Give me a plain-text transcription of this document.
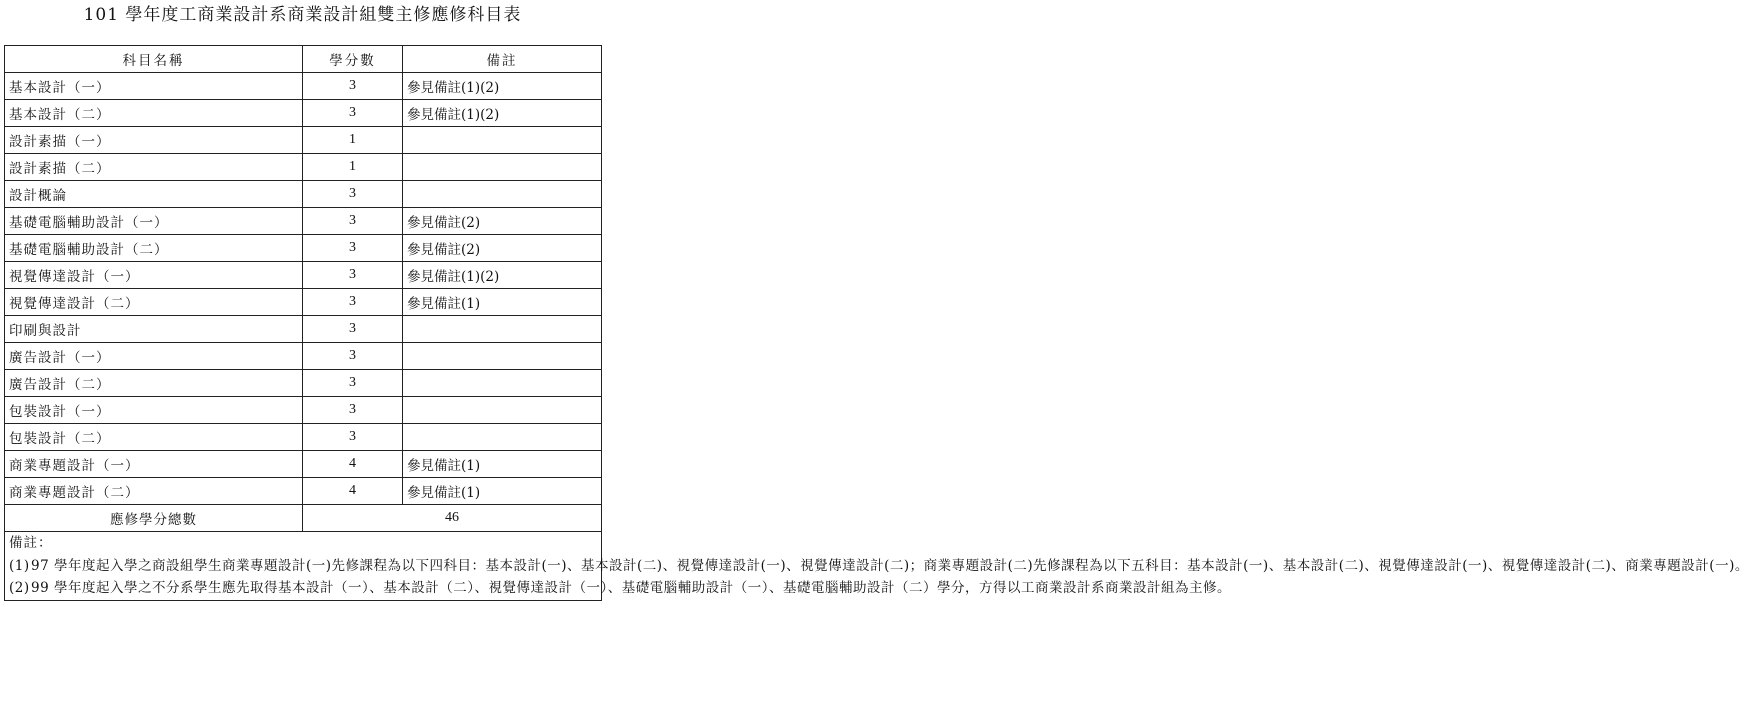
101 學年度工商業設計系商業設計組雙主修應修科目表
科目名稱	學分數	備註
基本設計（一）	3	參見備註(1)(2)
基本設計（二）	3	參見備註(1)(2)
設計素描（一）	1	
設計素描（二）	1	
設計概論	3	
基礎電腦輔助設計（一）	3	參見備註(2)
基礎電腦輔助設計（二）	3	參見備註(2)
視覺傳達設計（一）	3	參見備註(1)(2)
視覺傳達設計（二）	3	參見備註(1)
印刷與設計	3	
廣告設計（一）	3	
廣告設計（二）	3	
包裝設計（一）	3	
包裝設計（二）	3	
商業專題設計（一）	4	參見備註(1)
商業專題設計（二）	4	參見備註(1)
應修學分總數	46	

備註：
(1) 97 學年度起入學之商設組學生商業專題設計(一)先修課程為以下四科目：基本設計(一)、基本設計(二)、視覺傳達設計(一)、視覺傳達設計(二)；商業專題設計(二)先修課程為以下五科目：基本設計(一)、基本設計(二)、視覺傳達設計(一)、視覺傳達設計(二)、商業專題設計(一)。
(2) 99 學年度起入學之不分系學生應先取得基本設計（一）、基本設計（二）、視覺傳達設計（一）、基礎電腦輔助設計（一）、基礎電腦輔助設計（二）學分，方得以工商業設計系商業設計組為主修。		
